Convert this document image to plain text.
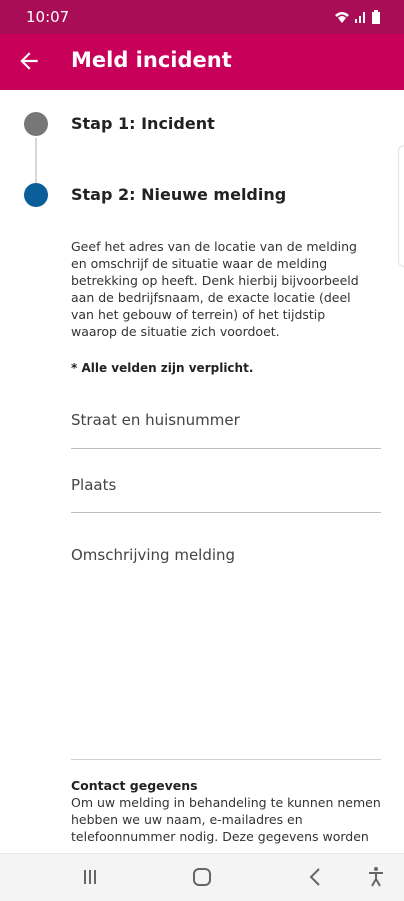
10:07
Meld incident
Stap 1: Incident
Stap 2: Nieuwe melding
Geef het adres van de locatie van de melding en omschrijf de situatie waar de melding betrekking op heeft. Denk hierbij bijvoorbeeld aan de bedrijfsnaam, de exacte locatie (deel van het gebouw of terrein) of het tijdstip waarop de situatie zich voordoet.
* Alle velden zijn verplicht.
Straat en huisnummer
Plaats
Omschrijving melding
Contact gegevens
Om uw melding in behandeling te kunnen nemen hebben we uw naam, e-mailadres en telefoonnummer nodig. Deze gegevens worden
